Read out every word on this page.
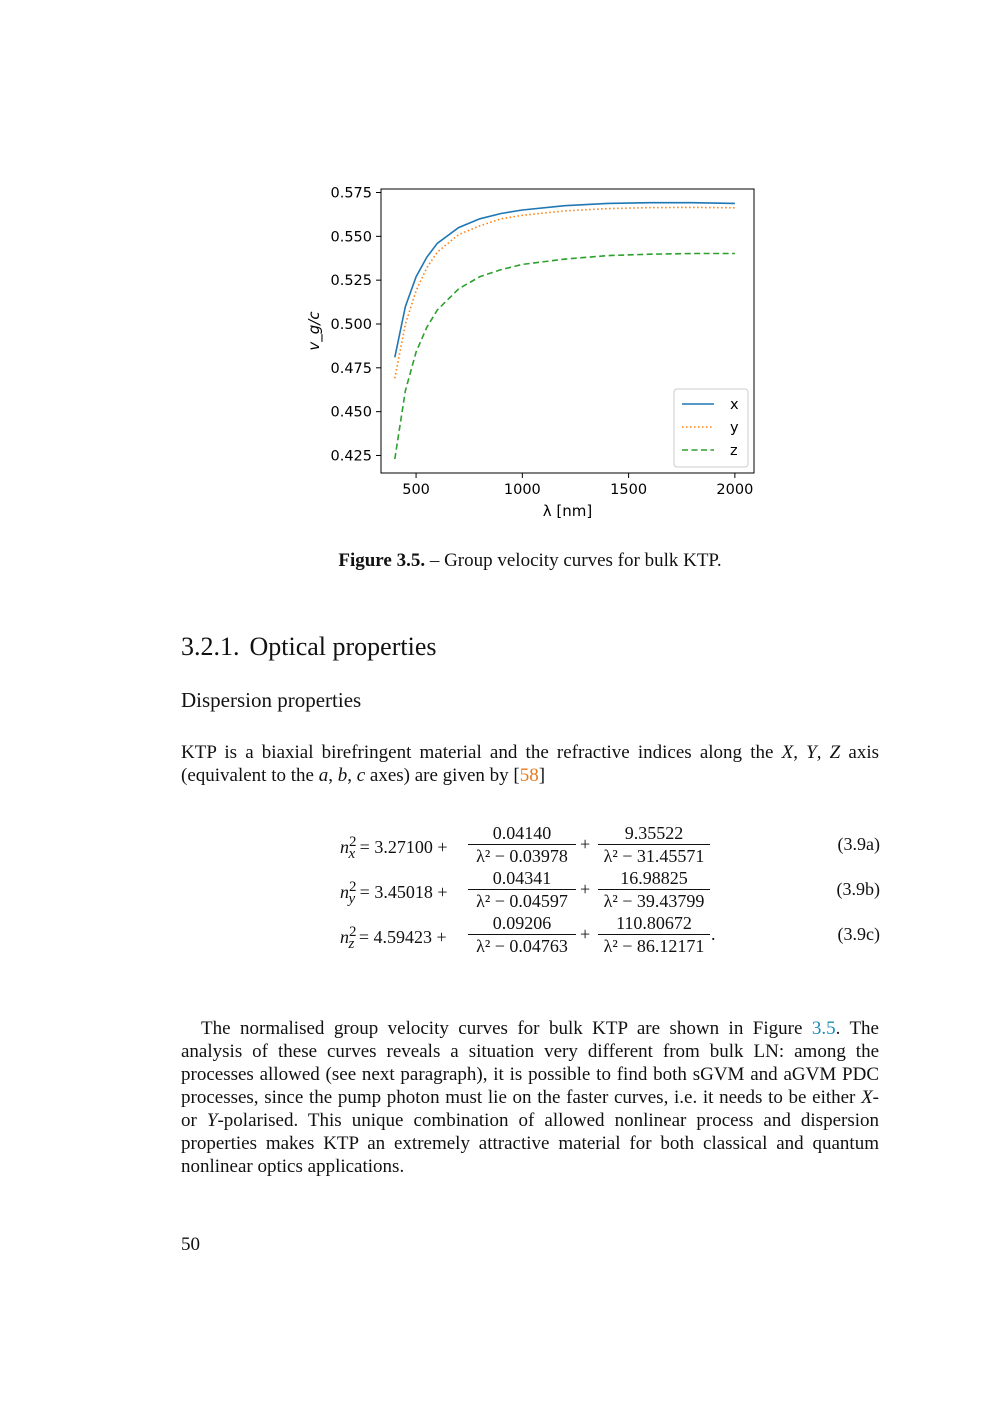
500	1000	1500	2000
0.425
0.450
0.475
0.500
0.525
0.550
0.575
λ [nm]
v_g/c
x
y
z
Figure 3.5. – Group velocity curves for bulk KTP.
3.2.1. Optical properties
Dispersion properties
KTP is a biaxial birefringent material and the refractive indices along the X, Y, Z axis (equivalent to the a, b, c axes) are given by [58]
$n^2_x = 3.27100 + \frac{0.04140}{\text{λ² − 0.03978}} + \frac{9.35522}{\text{λ² − 31.45571}}$	(3.9a)
$n^2_y = 3.45018 + \frac{0.04341}{\text{λ² − 0.04597}} + \frac{16.98825}{\text{λ² − 39.43799}}$	(3.9b)
$n^2_z = 4.59423 + \frac{0.09206}{\text{λ² − 0.04763}} + \frac{110.80672}{\text{λ² − 86.12171}}$ .	(3.9c)
The normalised group velocity curves for bulk KTP are shown in Figure 3.5. The analysis of these curves reveals a situation very different from bulk LN: among the processes allowed (see next paragraph), it is possible to find both sGVM and aGVM PDC processes, since the pump photon must lie on the faster curves, i.e. it needs to be either X- or Y-polarised. This unique combination of allowed nonlinear process and dispersion properties makes KTP an extremely attractive material for both classical and quantum nonlinear optics applications.
50
